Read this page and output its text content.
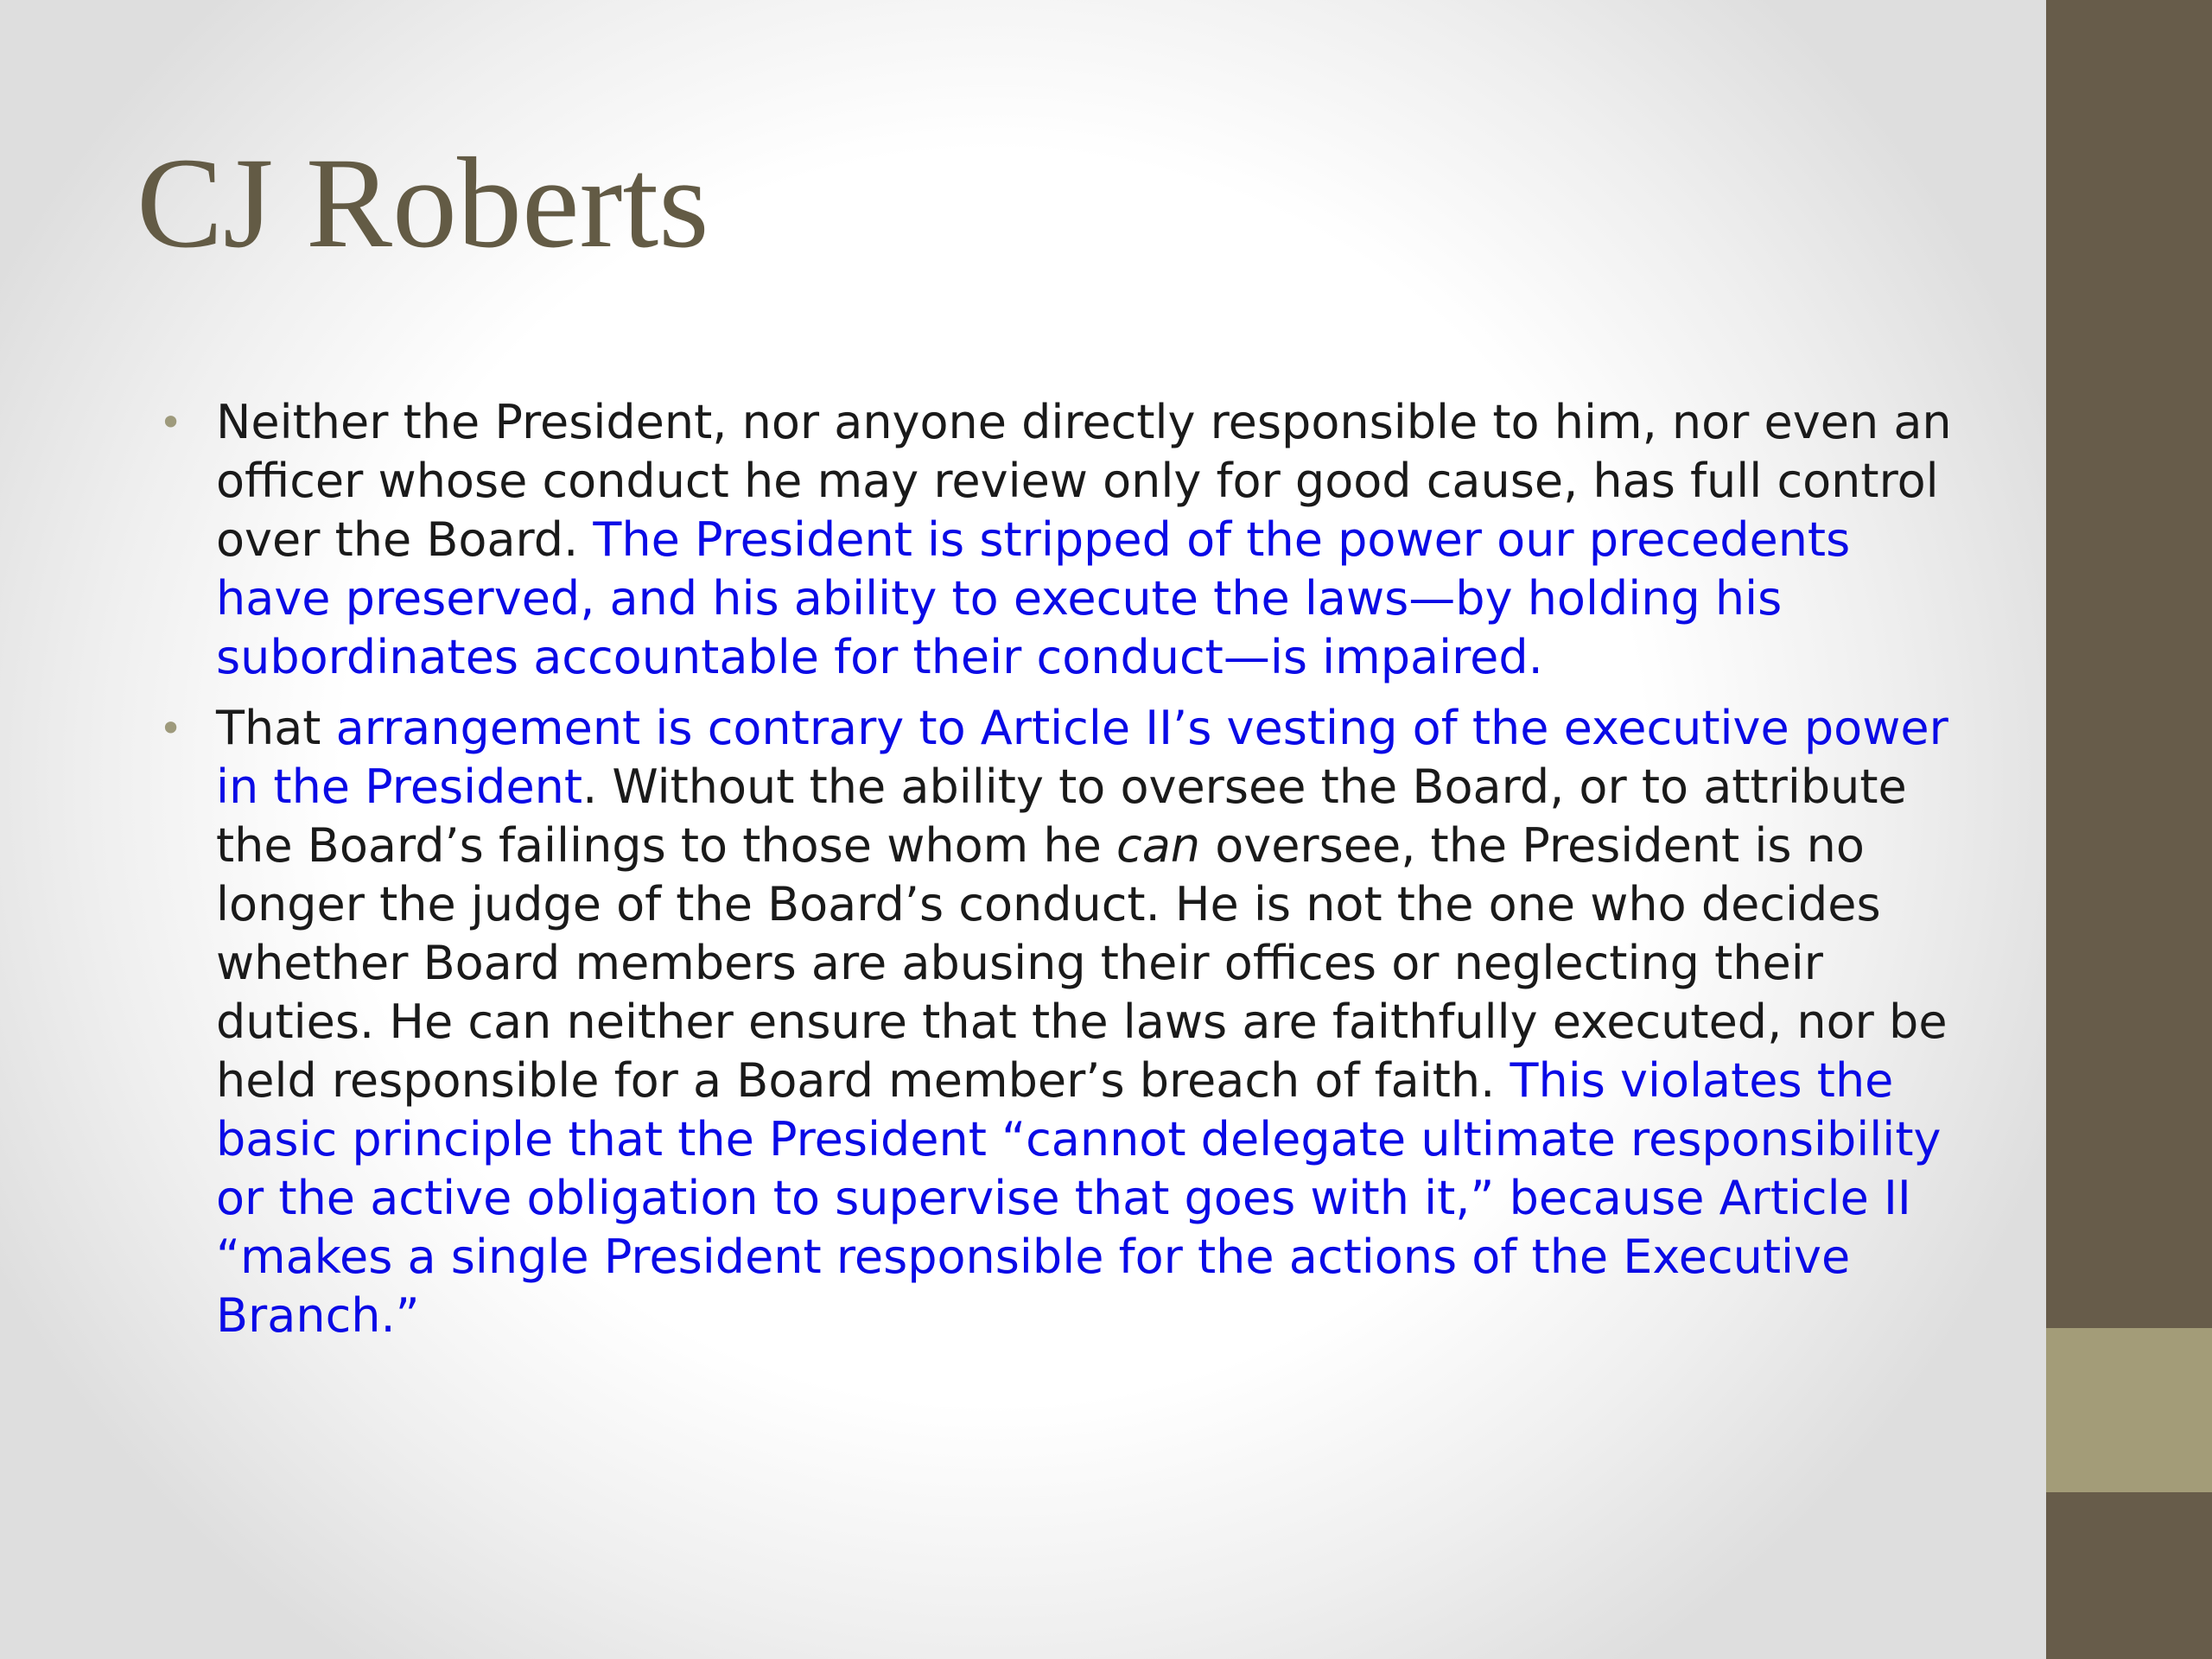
CJ Roberts
• Neither the President, nor anyone directly responsible to him, nor even an officer whose conduct he may review only for good cause, has full control over the Board. The President is stripped of the power our precedents have preserved, and his ability to execute the laws—by holding his subordinates accountable for their conduct—is impaired.
• That arrangement is contrary to Article II’s vesting of the executive power in the President. Without the ability to oversee the Board, or to attribute the Board’s failings to those whom he can oversee, the President is no longer the judge of the Board’s conduct. He is not the one who decides whether Board members are abusing their offices or neglecting their duties. He can neither ensure that the laws are faithfully executed, nor be held responsible for a Board member’s breach of faith. This violates the basic principle that the President “cannot delegate ultimate responsibility or the active obligation to supervise that goes with it,” because Article II “makes a single President responsible for the actions of the Executive Branch.”
